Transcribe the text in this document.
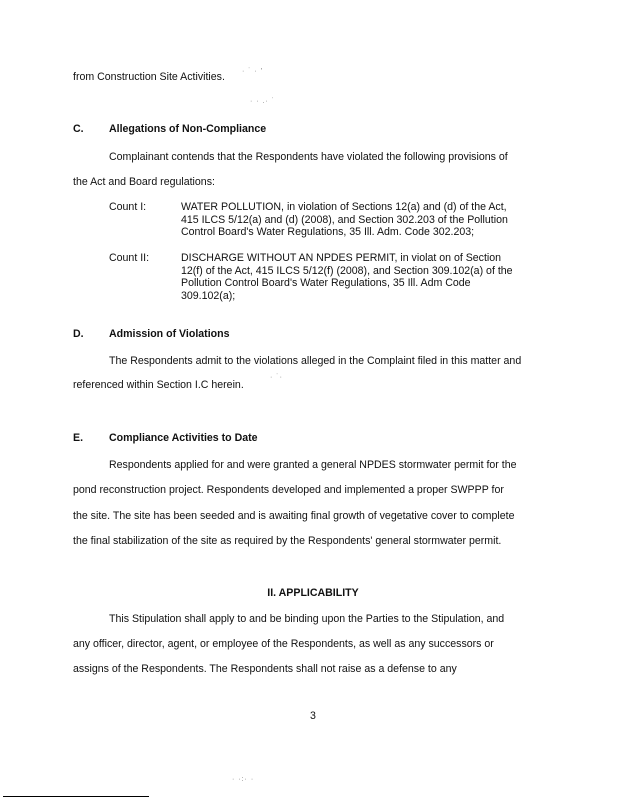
from Construction Site Activities. · ˙ · '
· · .· ˙
C. Allegations of Non-Compliance
Complainant contends that the Respondents have violated the following provisions of
the Act and Board regulations:
Count I:	WATER POLLUTION, in violation of Sections 12(a) and (d) of the Act,
415 ILCS 5/12(a) and (d) (2008), and Section 302.203 of the Pollution
Control Board's Water Regulations, 35 Ill. Adm. Code 302.203;
Count II:	DISCHARGE WITHOUT AN NPDES PERMIT, in violat on of Section
12(f) of the Act, 415 ILCS 5/12(f) (2008), and Section 309.102(a) of the
Pollution Control Board's Water Regulations, 35 Ill. Adm Code
309.102(a);
D. Admission of Violations
The Respondents admit to the violations alleged in the Complaint filed in this matter and
referenced within Section I.C herein.
· ˙·
E. Compliance Activities to Date
Respondents applied for and were granted a general NPDES stormwater permit for the
pond reconstruction project. Respondents developed and implemented a proper SWPPP for
the site. The site has been seeded and is awaiting final growth of vegetative cover to complete
the final stabilization of the site as required by the Respondents' general stormwater permit.
II. APPLICABILITY
This Stipulation shall apply to and be binding upon the Parties to the Stipulation, and
any officer, director, agent, or employee of the Respondents, as well as any successors or
assigns of the Respondents. The Respondents shall not raise as a defense to any
3
· ·:· ·
